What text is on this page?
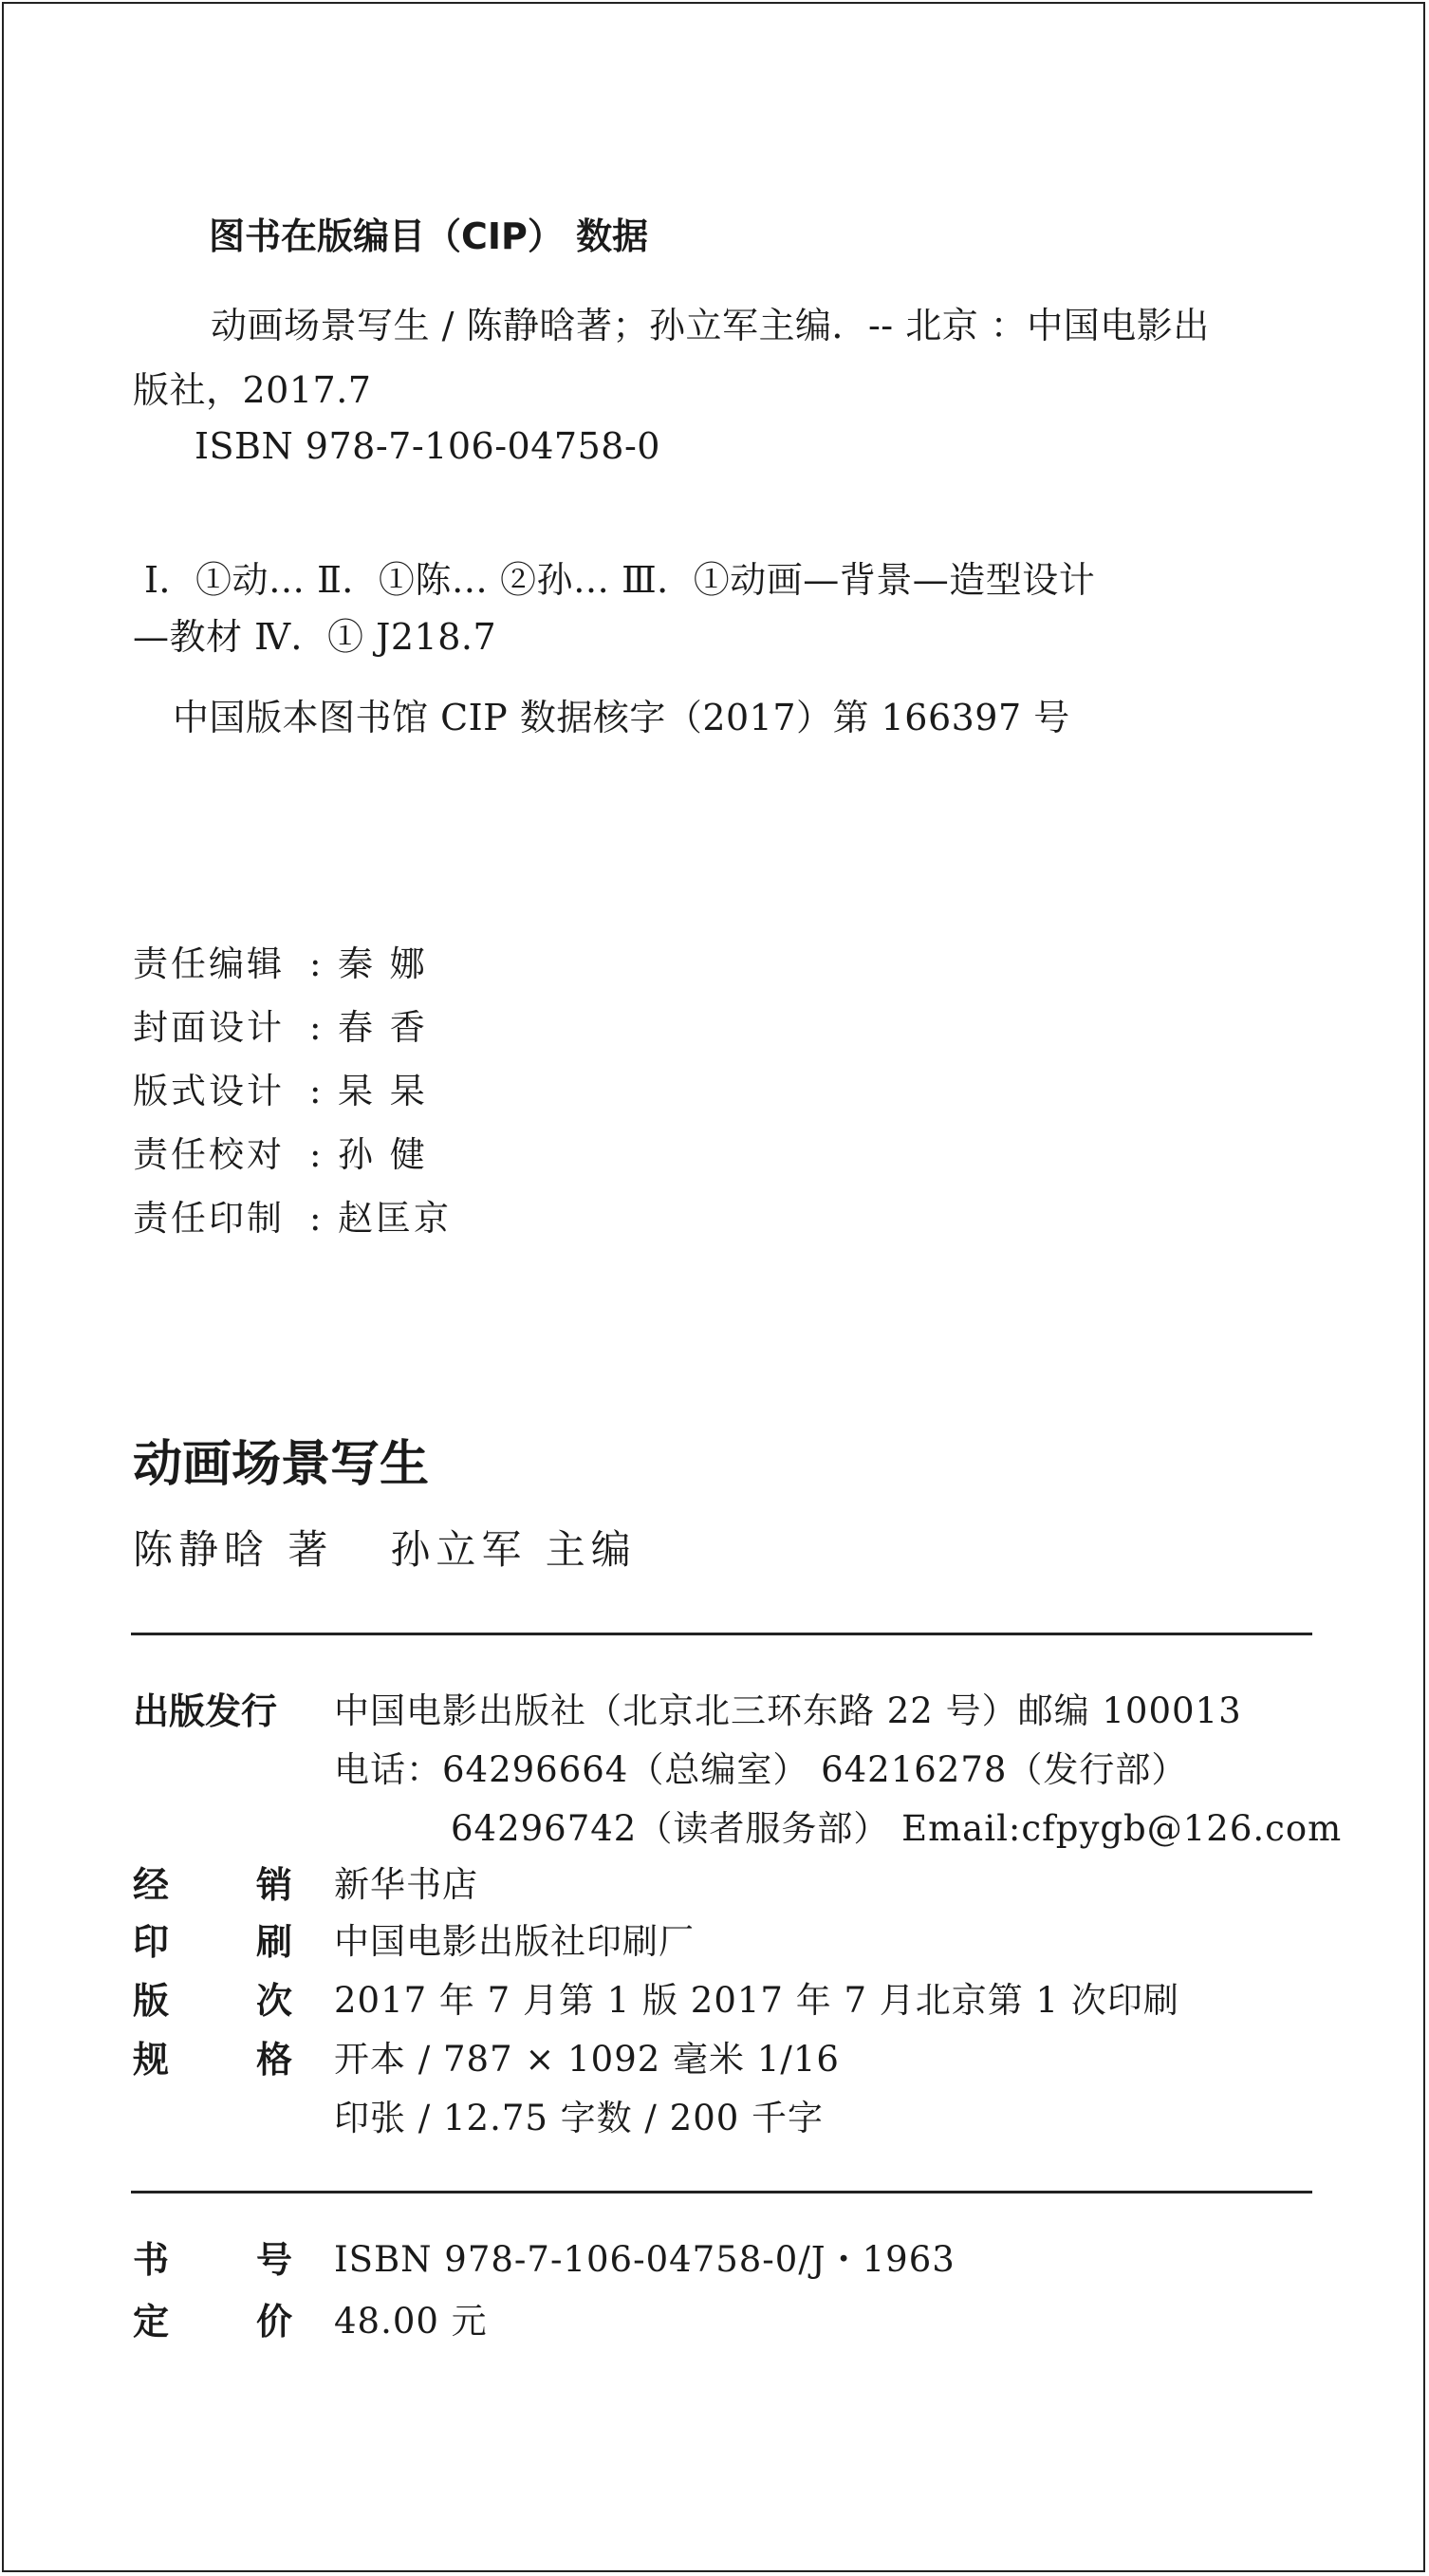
图书在版编目（CIP） 数据
动画场景写生 / 陈静晗著；孙立军主编．-- 北京 ：中国电影出
版社，2017.7
ISBN 978-7-106-04758-0
Ⅰ．①动… Ⅱ．①陈… ②孙… Ⅲ．①动画—背景—造型设计
—教材 Ⅳ．① J218.7
中国版本图书馆 CIP 数据核字（2017）第 166397 号
责任编辑 : 秦 娜
封面设计 : 春 香
版式设计 : 杲 杲
责任校对 : 孙 健
责任印制 : 赵匡京
动画场景写生
陈静晗 著 孙立军 主编
出版发行 中国电影出版社（北京北三环东路 22 号）邮编 100013
电话：64296664（总编室） 64216278（发行部）
64296742（读者服务部） Email:cfpygb@126.com
经 销 新华书店
印 刷 中国电影出版社印刷厂
版 次 2017 年 7 月第 1 版 2017 年 7 月北京第 1 次印刷
规 格 开本 / 787 × 1092 毫米 1/16
印张 / 12.75 字数 / 200 千字
书 号 ISBN 978-7-106-04758-0/J・1963
定 价 48.00 元
